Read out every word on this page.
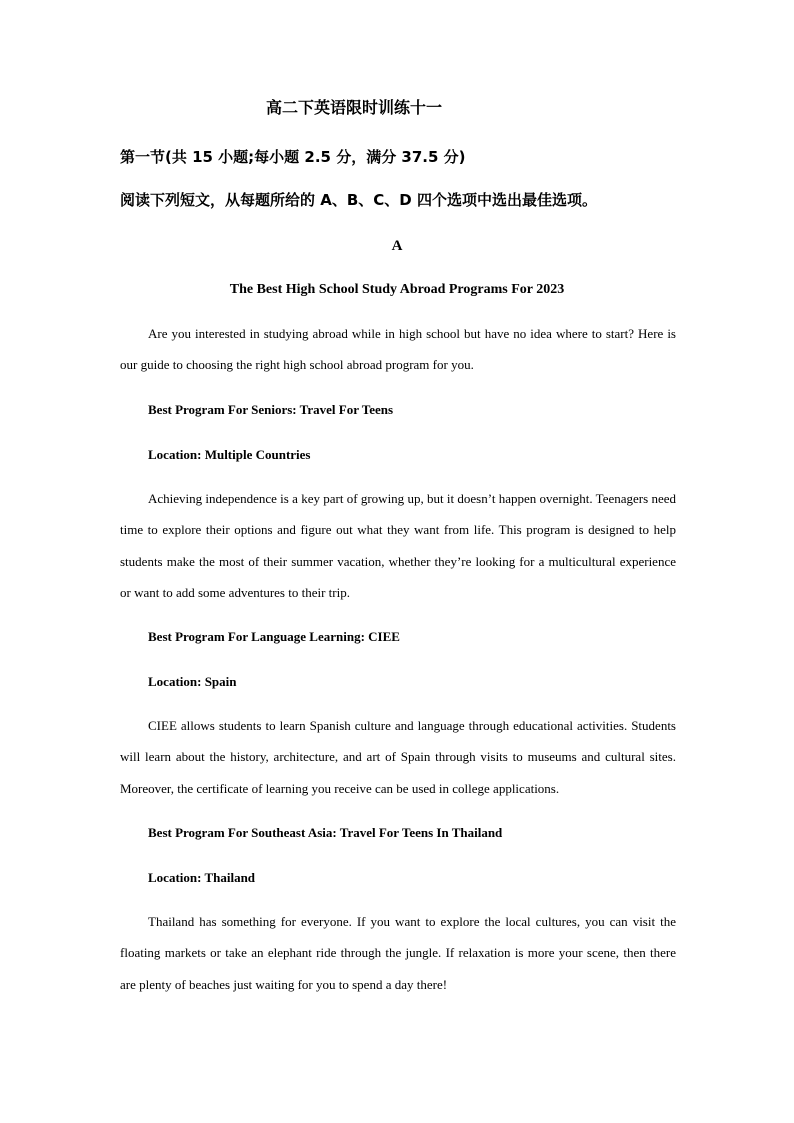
高二下英语限时训练十一
第一节(共 15 小题;每小题 2.5 分，满分 37.5 分)
阅读下列短文，从每题所给的 A、B、C、D 四个选项中选出最佳选项。
A
The Best High School Study Abroad Programs For 2023
Are you interested in studying abroad while in high school but have no idea where to start? Here is our guide to choosing the right high school abroad program for you.
Best Program For Seniors: Travel For Teens
Location: Multiple Countries
Achieving independence is a key part of growing up, but it doesn’t happen overnight. Teenagers need time to explore their options and figure out what they want from life. This program is designed to help students make the most of their summer vacation, whether they’re looking for a multicultural experience or want to add some adventures to their trip.
Best Program For Language Learning: CIEE
Location: Spain
CIEE allows students to learn Spanish culture and language through educational activities. Students will learn about the history, architecture, and art of Spain through visits to museums and cultural sites. Moreover, the certificate of learning you receive can be used in college applications.
Best Program For Southeast Asia: Travel For Teens In Thailand
Location: Thailand
Thailand has something for everyone. If you want to explore the local cultures, you can visit the floating markets or take an elephant ride through the jungle. If relaxation is more your scene, then there are plenty of beaches just waiting for you to spend a day there!
